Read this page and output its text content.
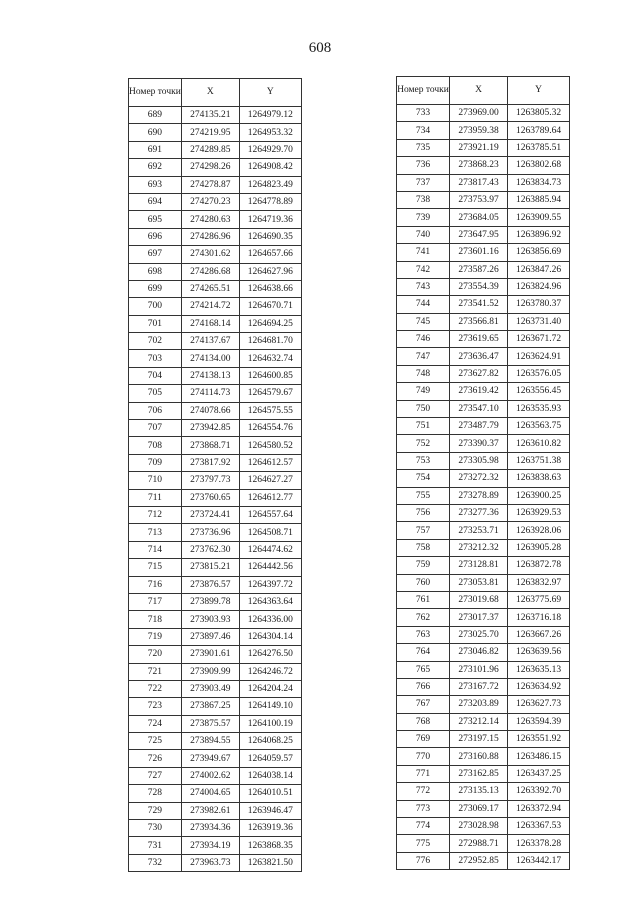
608
Номер точки	X	Y
689	274135.21	1264979.12
690	274219.95	1264953.32
691	274289.85	1264929.70
692	274298.26	1264908.42
693	274278.87	1264823.49
694	274270.23	1264778.89
695	274280.63	1264719.36
696	274286.96	1264690.35
697	274301.62	1264657.66
698	274286.68	1264627.96
699	274265.51	1264638.66
700	274214.72	1264670.71
701	274168.14	1264694.25
702	274137.67	1264681.70
703	274134.00	1264632.74
704	274138.13	1264600.85
705	274114.73	1264579.67
706	274078.66	1264575.55
707	273942.85	1264554.76
708	273868.71	1264580.52
709	273817.92	1264612.57
710	273797.73	1264627.27
711	273760.65	1264612.77
712	273724.41	1264557.64
713	273736.96	1264508.71
714	273762.30	1264474.62
715	273815.21	1264442.56
716	273876.57	1264397.72
717	273899.78	1264363.64
718	273903.93	1264336.00
719	273897.46	1264304.14
720	273901.61	1264276.50
721	273909.99	1264246.72
722	273903.49	1264204.24
723	273867.25	1264149.10
724	273875.57	1264100.19
725	273894.55	1264068.25
726	273949.67	1264059.57
727	274002.62	1264038.14
728	274004.65	1264010.51
729	273982.61	1263946.47
730	273934.36	1263919.36
731	273934.19	1263868.35
732	273963.73	1263821.50
Номер точки	X	Y
733	273969.00	1263805.32
734	273959.38	1263789.64
735	273921.19	1263785.51
736	273868.23	1263802.68
737	273817.43	1263834.73
738	273753.97	1263885.94
739	273684.05	1263909.55
740	273647.95	1263896.92
741	273601.16	1263856.69
742	273587.26	1263847.26
743	273554.39	1263824.96
744	273541.52	1263780.37
745	273566.81	1263731.40
746	273619.65	1263671.72
747	273636.47	1263624.91
748	273627.82	1263576.05
749	273619.42	1263556.45
750	273547.10	1263535.93
751	273487.79	1263563.75
752	273390.37	1263610.82
753	273305.98	1263751.38
754	273272.32	1263838.63
755	273278.89	1263900.25
756	273277.36	1263929.53
757	273253.71	1263928.06
758	273212.32	1263905.28
759	273128.81	1263872.78
760	273053.81	1263832.97
761	273019.68	1263775.69
762	273017.37	1263716.18
763	273025.70	1263667.26
764	273046.82	1263639.56
765	273101.96	1263635.13
766	273167.72	1263634.92
767	273203.89	1263627.73
768	273212.14	1263594.39
769	273197.15	1263551.92
770	273160.88	1263486.15
771	273162.85	1263437.25
772	273135.13	1263392.70
773	273069.17	1263372.94
774	273028.98	1263367.53
775	272988.71	1263378.28
776	272952.85	1263442.17
